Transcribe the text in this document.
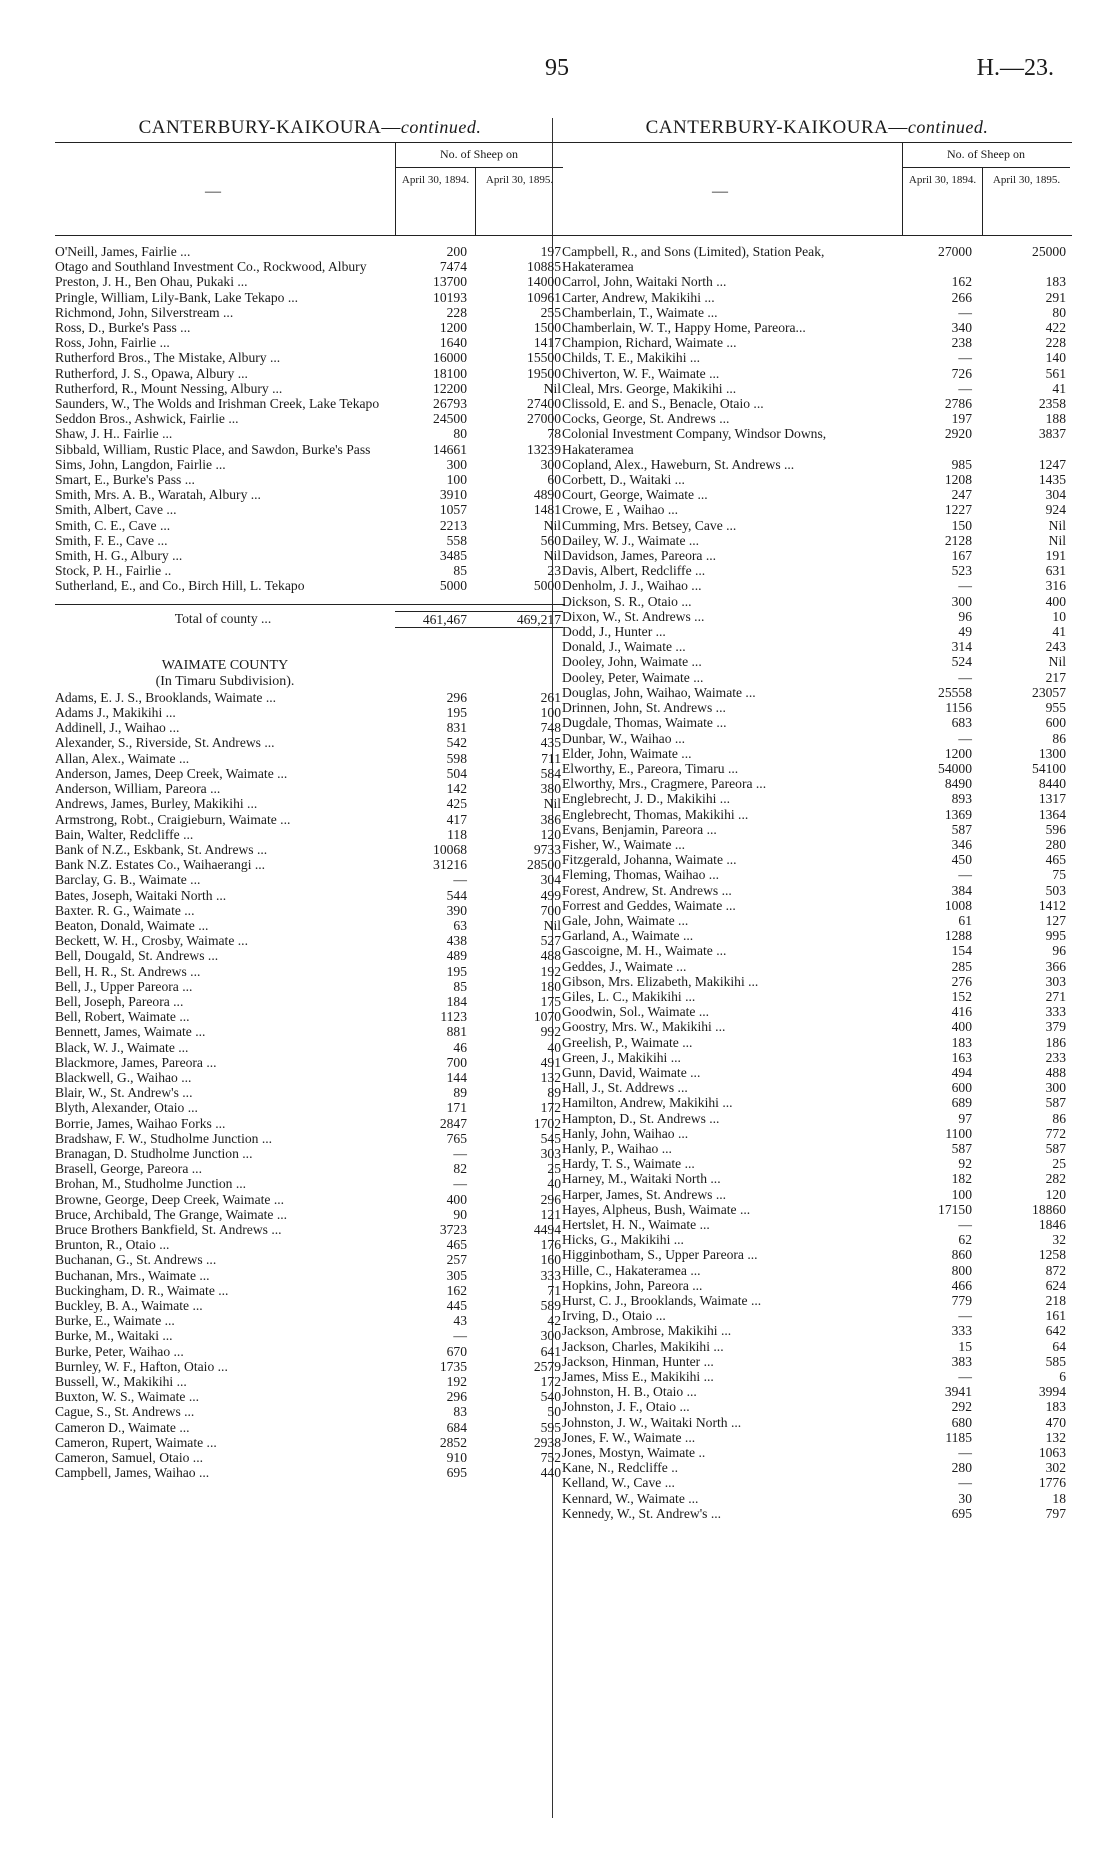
95	H.—23.
CANTERBURY-KAIKOURA—continued.
—
No. of Sheep on
April 30, 1894.	April 30, 1895.
O'Neill, James, Fairlie ...	200	197
Otago and Southland Investment Co., Rockwood, Albury	7474	10885
Preston, J. H., Ben Ohau, Pukaki ...	13700	14000
Pringle, William, Lily-Bank, Lake Tekapo ...	10193	10961
Richmond, John, Silverstream ...	228	255
Ross, D., Burke's Pass ...	1200	1500
Ross, John, Fairlie ...	1640	1417
Rutherford Bros., The Mistake, Albury ...	16000	15500
Rutherford, J. S., Opawa, Albury ...	18100	19500
Rutherford, R., Mount Nessing, Albury ...	12200	Nil
Saunders, W., The Wolds and Irishman Creek, Lake Tekapo	26793	27400
Seddon Bros., Ashwick, Fairlie ...	24500	27000
Shaw, J. H.. Fairlie ...	80	78
Sibbald, William, Rustic Place, and Sawdon, Burke's Pass	14661	13239
Sims, John, Langdon, Fairlie ...	300	300
Smart, E., Burke's Pass ...	100	60
Smith, Mrs. A. B., Waratah, Albury ...	3910	4890
Smith, Albert, Cave ...	1057	1481
Smith, C. E., Cave ...	2213	Nil
Smith, F. E., Cave ...	558	560
Smith, H. G., Albury ...	3485	Nil
Stock, P. H., Fairlie ..	85	23
Sutherland, E., and Co., Birch Hill, L. Tekapo	5000	5000
Total of county ...	461,467	469,217
WAIMATE COUNTY
(In Timaru Subdivision).
Adams, E. J. S., Brooklands, Waimate ...	296	261
Adams J., Makikihi ...	195	100
Addinell, J., Waihao ...	831	748
Alexander, S., Riverside, St. Andrews ...	542	435
Allan, Alex., Waimate ...	598	711
Anderson, James, Deep Creek, Waimate ...	504	584
Anderson, William, Pareora ...	142	380
Andrews, James, Burley, Makikihi ...	425	Nil
Armstrong, Robt., Craigieburn, Waimate ...	417	386
Bain, Walter, Redcliffe ...	118	120
Bank of N.Z., Eskbank, St. Andrews ...	10068	9733
Bank N.Z. Estates Co., Waihaerangi ...	31216	28500
Barclay, G. B., Waimate ...	—	304
Bates, Joseph, Waitaki North ...	544	499
Baxter. R. G., Waimate ...	390	700
Beaton, Donald, Waimate ...	63	Nil
Beckett, W. H., Crosby, Waimate ...	438	527
Bell, Dougald, St. Andrews ...	489	488
Bell, H. R., St. Andrews ...	195	192
Bell, J., Upper Pareora ...	85	180
Bell, Joseph, Pareora ...	184	175
Bell, Robert, Waimate ...	1123	1070
Bennett, James, Waimate ...	881	992
Black, W. J., Waimate ...	46	40
Blackmore, James, Pareora ...	700	491
Blackwell, G., Waihao ...	144	132
Blair, W., St. Andrew's ...	89	89
Blyth, Alexander, Otaio ...	171	172
Borrie, James, Waihao Forks ...	2847	1702
Bradshaw, F. W., Studholme Junction ...	765	545
Branagan, D. Studholme Junction ...	—	303
Brasell, George, Pareora ...	82	25
Brohan, M., Studholme Junction ...	—	40
Browne, George, Deep Creek, Waimate ...	400	296
Bruce, Archibald, The Grange, Waimate ...	90	121
Bruce Brothers Bankfield, St. Andrews ...	3723	4494
Brunton, R., Otaio ...	465	176
Buchanan, G., St. Andrews ...	257	160
Buchanan, Mrs., Waimate ...	305	333
Buckingham, D. R., Waimate ...	162	71
Buckley, B. A., Waimate ...	445	589
Burke, E., Waimate ...	43	42
Burke, M., Waitaki ...	—	300
Burke, Peter, Waihao ...	670	641
Burnley, W. F., Hafton, Otaio ...	1735	2579
Bussell, W., Makikihi ...	192	172
Buxton, W. S., Waimate ...	296	540
Cague, S., St. Andrews ...	83	50
Cameron D., Waimate ...	684	595
Cameron, Rupert, Waimate ...	2852	2938
Cameron, Samuel, Otaio ...	910	752
Campbell, James, Waihao ...	695	440
CANTERBURY-KAIKOURA—continued.
—
No. of Sheep on
April 30, 1894.	April 30, 1895.
Campbell, R., and Sons (Limited), Station Peak, Hakateramea
27000	25000
Carrol, John, Waitaki North ...	162	183
Carter, Andrew, Makikihi ...	266	291
Chamberlain, T., Waimate ...	—	80
Chamberlain, W. T., Happy Home, Pareora...	340	422
Champion, Richard, Waimate ...	238	228
Childs, T. E., Makikihi ...	—	140
Chiverton, W. F., Waimate ...	726	561
Cleal, Mrs. George, Makikihi ...	—	41
Clissold, E. and S., Benacle, Otaio ...	2786	2358
Cocks, George, St. Andrews ...	197	188
Colonial Investment Company, Windsor Downs, Hakateramea
2920	3837
Copland, Alex., Haweburn, St. Andrews ...	985	1247
Corbett, D., Waitaki ...	1208	1435
Court, George, Waimate ...	247	304
Crowe, E , Waihao ...	1227	924
Cumming, Mrs. Betsey, Cave ...	150	Nil
Dailey, W. J., Waimate ...	2128	Nil
Davidson, James, Pareora ...	167	191
Davis, Albert, Redcliffe ...	523	631
Denholm, J. J., Waihao ...	—	316
Dickson, S. R., Otaio ...	300	400
Dixon, W., St. Andrews ...	96	10
Dodd, J., Hunter ...	49	41
Donald, J., Waimate ...	314	243
Dooley, John, Waimate ...	524	Nil
Dooley, Peter, Waimate ...	—	217
Douglas, John, Waihao, Waimate ...	25558	23057
Drinnen, John, St. Andrews ...	1156	955
Dugdale, Thomas, Waimate ...	683	600
Dunbar, W., Waihao ...	—	86
Elder, John, Waimate ...	1200	1300
Elworthy, E., Pareora, Timaru ...	54000	54100
Elworthy, Mrs., Cragmere, Pareora ...	8490	8440
Englebrecht, J. D., Makikihi ...	893	1317
Englebrecht, Thomas, Makikihi ...	1369	1364
Evans, Benjamin, Pareora ...	587	596
Fisher, W., Waimate ...	346	280
Fitzgerald, Johanna, Waimate ...	450	465
Fleming, Thomas, Waihao ...	—	75
Forest, Andrew, St. Andrews ...	384	503
Forrest and Geddes, Waimate ...	1008	1412
Gale, John, Waimate ...	61	127
Garland, A., Waimate ...	1288	995
Gascoigne, M. H., Waimate ...	154	96
Geddes, J., Waimate ...	285	366
Gibson, Mrs. Elizabeth, Makikihi ...	276	303
Giles, L. C., Makikihi ...	152	271
Goodwin, Sol., Waimate ...	416	333
Goostry, Mrs. W., Makikihi ...	400	379
Greelish, P., Waimate ...	183	186
Green, J., Makikihi ...	163	233
Gunn, David, Waimate ...	494	488
Hall, J., St. Addrews ...	600	300
Hamilton, Andrew, Makikihi ...	689	587
Hampton, D., St. Andrews ...	97	86
Hanly, John, Waihao ...	1100	772
Hanly, P., Waihao ...	587	587
Hardy, T. S., Waimate ...	92	25
Harney, M., Waitaki North ...	182	282
Harper, James, St. Andrews ...	100	120
Hayes, Alpheus, Bush, Waimate ...	17150	18860
Hertslet, H. N., Waimate ...	—	1846
Hicks, G., Makikihi ...	62	32
Higginbotham, S., Upper Pareora ...	860	1258
Hille, C., Hakateramea ...	800	872
Hopkins, John, Pareora ...	466	624
Hurst, C. J., Brooklands, Waimate ...	779	218
Irving, D., Otaio ...	—	161
Jackson, Ambrose, Makikihi ...	333	642
Jackson, Charles, Makikihi ...	15	64
Jackson, Hinman, Hunter ...	383	585
James, Miss E., Makikihi ...	—	6
Johnston, H. B., Otaio ...	3941	3994
Johnston, J. F., Otaio ...	292	183
Johnston, J. W., Waitaki North ...	680	470
Jones, F. W., Waimate ...	1185	132
Jones, Mostyn, Waimate ..	—	1063
Kane, N., Redcliffe ..	280	302
Kelland, W., Cave ...	—	1776
Kennard, W., Waimate ...	30	18
Kennedy, W., St. Andrew's ...	695	797
